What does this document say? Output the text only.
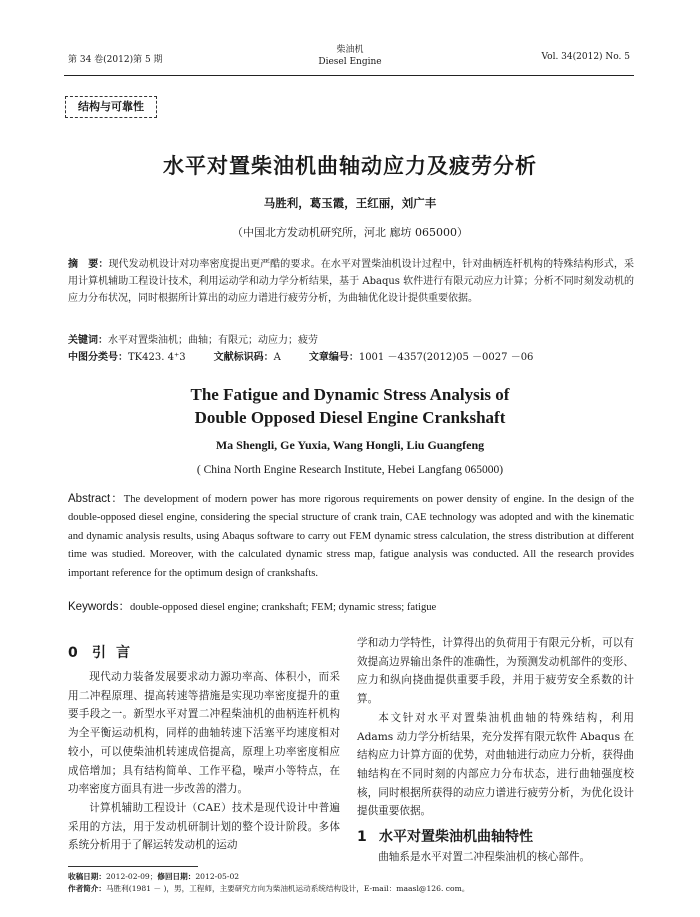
第 34 卷(2012)第 5 期
柴油机
Diesel Engine	Vol. 34(2012) No. 5
结构与可靠性
水平对置柴油机曲轴动应力及疲劳分析
马胜利，葛玉霞，王红丽，刘广丰
（中国北方发动机研究所，河北 廊坊 065000）
摘　要：现代发动机设计对功率密度提出更严酷的要求。在水平对置柴油机设计过程中，针对曲柄连杆机构的特殊结构形式，采用计算机辅助工程设计技术，利用运动学和动力学分析结果，基于 Abaqus 软件进行有限元动应力计算；分析不同时刻发动机的应力分布状况，同时根据所计算出的动应力谱进行疲劳分析，为曲轴优化设计提供重要依据。
关键词：水平对置柴油机；曲轴；有限元；动应力；疲劳
中图分类号：TK423. 4⁺3	文献标识码：A	文章编号：1001 －4357(2012)05 －0027 －06
The Fatigue and Dynamic Stress Analysis of
Double Opposed Diesel Engine Crankshaft
Ma Shengli, Ge Yuxia, Wang Hongli, Liu Guangfeng
( China North Engine Research Institute, Hebei Langfang 065000)
Abstract：The development of modern power has more rigorous requirements on power density of engine. In the design of the double-opposed diesel engine, considering the special structure of crank train, CAE technology was adopted and with the kinematic and dynamic analysis results, using Abaqus software to carry out FEM dynamic stress calculation, the stress distribution at different time was studied. Moreover, with the calculated dynamic stress map, fatigue analysis was conducted. All the research provides important reference for the optimum design of crankshafts.
Keywords：double-opposed diesel engine; crankshaft; FEM; dynamic stress; fatigue
0 引言

现代动力装备发展要求动力源功率高、体积小，而采用二冲程原理、提高转速等措施是实现功率密度提升的重要手段之一。新型水平对置二冲程柴油机的曲柄连杆机构为全平衡运动机构，同样的曲轴转速下活塞平均速度相对较小，可以使柴油机转速成倍提高，原理上功率密度相应成倍增加；具有结构简单、工作平稳，噪声小等特点，在功率密度方面具有进一步改善的潜力。

计算机辅助工程设计（CAE）技术是现代设计中普遍采用的方法，用于发动机研制计划的整个设计阶段。多体系统分析用于了解运转发动机的运动

学和动力学特性，计算得出的负荷用于有限元分析，可以有效提高边界输出条件的准确性，为预测发动机部件的变形、应力和纵向挠曲提供重要手段，并用于疲劳安全系数的计算。

本文针对水平对置柴油机曲轴的特殊结构，利用 Adams 动力学分析结果，充分发挥有限元软件 Abaqus 在结构应力计算方面的优势，对曲轴进行动应力分析，获得曲轴结构在不同时刻的内部应力分布状态，进行曲轴强度校核，同时根据所获得的动应力谱进行疲劳分析，为优化设计提供重要依据。

1 水平对置柴油机曲轴特性

曲轴系是水平对置二冲程柴油机的核心部件。

收稿日期：2012-02-09；修回日期：2012-05-02
作者简介：马胜利(1981 － )，男，工程师，主要研究方向为柴油机运动系统结构设计，E-mail：maasl@126. com。
